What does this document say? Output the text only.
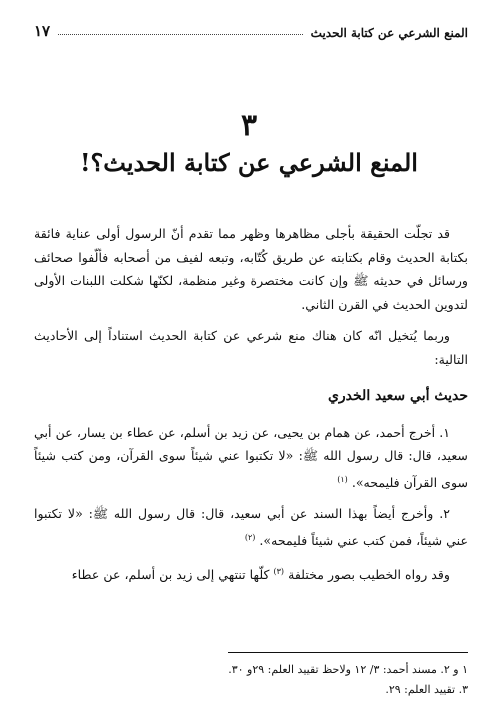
المنع الشرعي عن كتابة الحديث
١٧
٣
المنع الشرعي عن كتابة الحديث؟!

قد تجلّت الحقيقة بأجلى مظاهرها وظهر مما تقدم أنّ الرسول أولى عناية فائقة بكتابة الحديث وقام بكتابته عن طريق كُتّابه، وتبعه لفيف من أصحابه فألّفوا صحائف ورسائل في حديثه ﷺ وإن كانت مختصرة وغير منظمة، لكنّها شكلت اللبنات الأولى لتدوين الحديث في القرن الثاني.

وربما يُتخيل انّه كان هناك منع شرعي عن كتابة الحديث استناداً إلى الأحاديث التالية:

حديث أبي سعيد الخدري

١. أخرج أحمد، عن همام بن يحيى، عن زيد بن أسلم، عن عطاء بن يسار، عن أبي سعيد، قال: قال رسول الله ﷺ: «لا تكتبوا عني شيئاً سوى القرآن، ومن كتب شيئاً سوى القرآن فليمحه». $^{(١)}$

٢. وأخرج أيضاً بهذا السند عن أبي سعيد، قال: قال رسول الله ﷺ: «لا تكتبوا عني شيئاً، فمن كتب عني شيئاً فليمحه». $^{(٢)}$

وقد رواه الخطيب بصور مختلفة $^{(٣)}$ كلّها تنتهي إلى زيد بن أسلم، عن عطاء

١ و ٢. مسند أحمد: ٣/ ١٢ ولاحظ تقييد العلم: ٢٩و ٣٠.

٣. تقييد العلم: ٢٩.
